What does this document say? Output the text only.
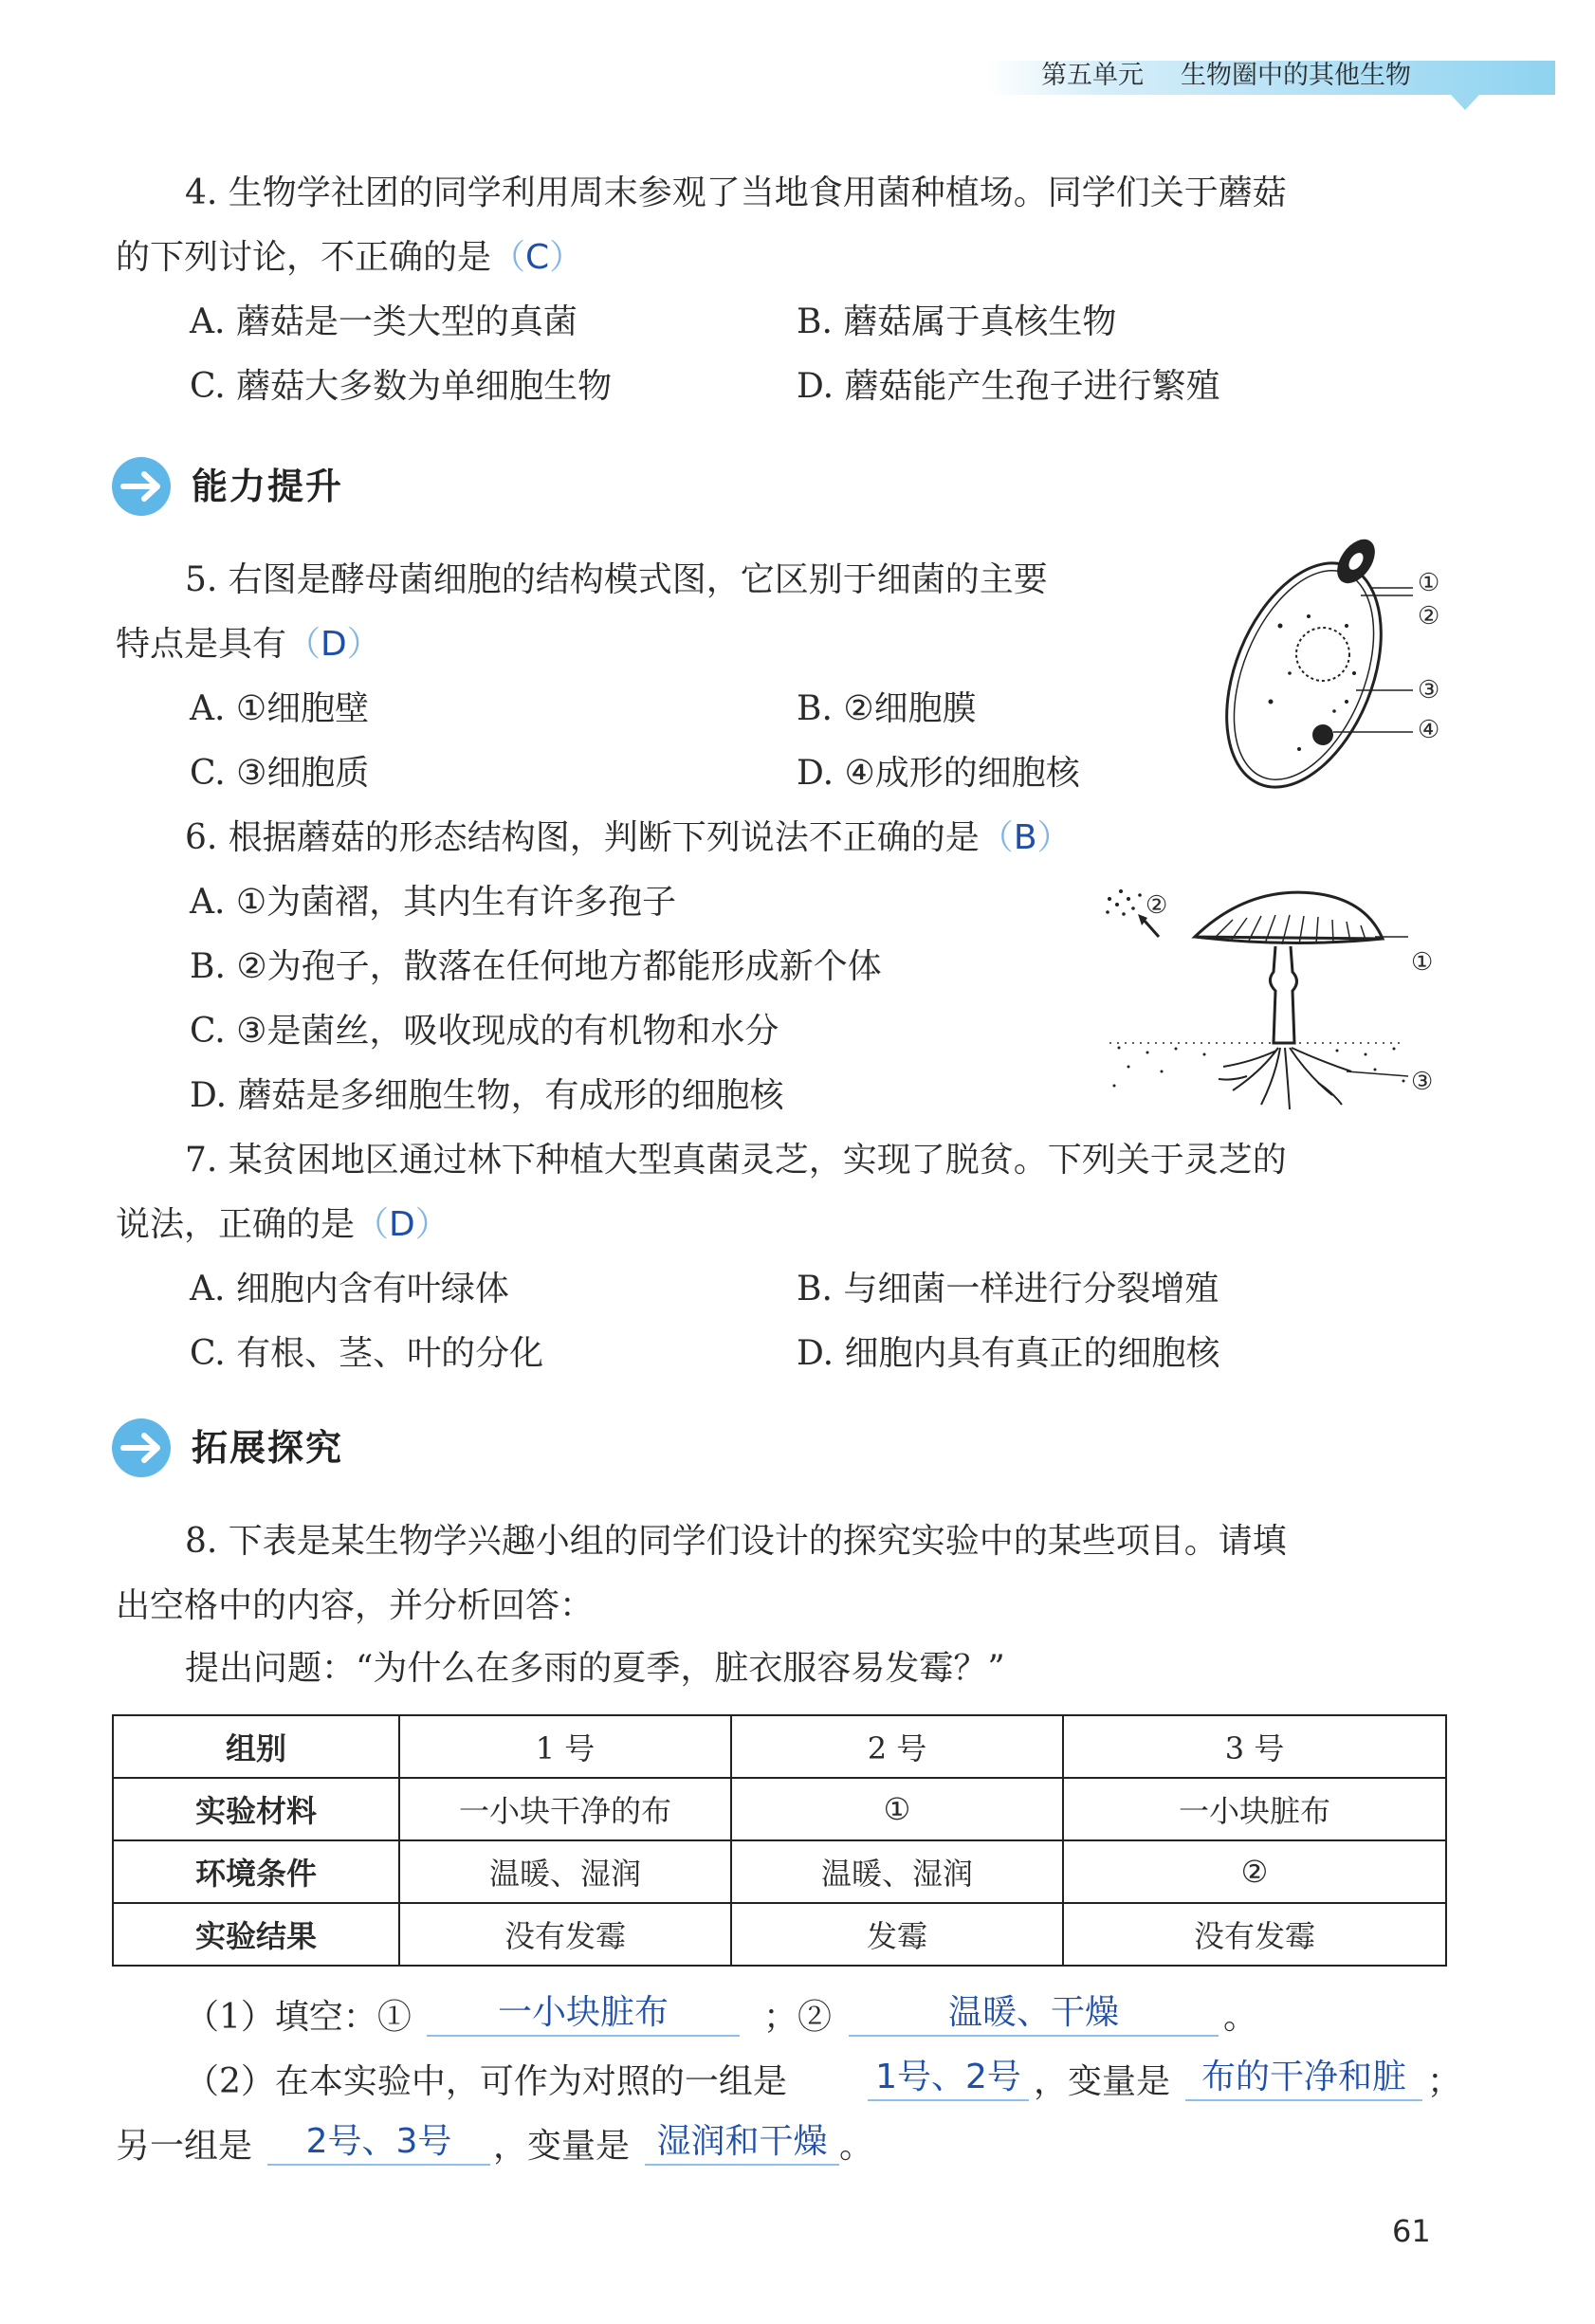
第五单元 生物圈中的其他生物
4. 生物学社团的同学利用周末参观了当地食用菌种植场。同学们关于蘑菇
的下列讨论，不正确的是（C）
A. 蘑菇是一类大型的真菌	B. 蘑菇属于真核生物
C. 蘑菇大多数为单细胞生物	D. 蘑菇能产生孢子进行繁殖
能力提升
5. 右图是酵母菌细胞的结构模式图，它区别于细菌的主要
特点是具有（D）
A. ①细胞壁	B. ②细胞膜
C. ③细胞质	D. ④成形的细胞核
①
②
③
④
6. 根据蘑菇的形态结构图，判断下列说法不正确的是（B）
A. ①为菌褶，其内生有许多孢子
B. ②为孢子，散落在任何地方都能形成新个体
C. ③是菌丝，吸收现成的有机物和水分
D. 蘑菇是多细胞生物，有成形的细胞核
②
①
③
7. 某贫困地区通过林下种植大型真菌灵芝，实现了脱贫。下列关于灵芝的
说法，正确的是（D）
A. 细胞内含有叶绿体	B. 与细菌一样进行分裂增殖
C. 有根、茎、叶的分化	D. 细胞内具有真正的细胞核
拓展探究
8. 下表是某生物学兴趣小组的同学们设计的探究实验中的某些项目。请填
出空格中的内容，并分析回答：
提出问题：“为什么在多雨的夏季，脏衣服容易发霉？”
组别	1 号	2 号	3 号
实验材料	一小块干净的布	①	一小块脏布
环境条件	温暖、湿润	温暖、湿润	②
实验结果	没有发霉	发霉	没有发霉
（1）填空：①	一小块脏布	；②	温暖、干燥	。
（2）在本实验中，可作为对照的一组是	1号、2号 ，变量是 布的干净和脏 ；
另一组是	2号、3号	，变量是 湿润和干燥 。
61
